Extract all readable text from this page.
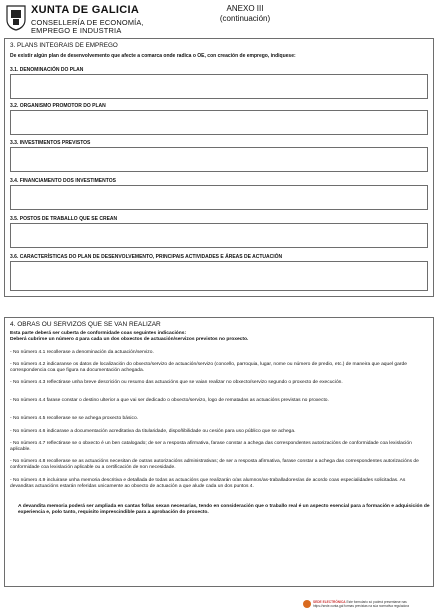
XUNTA DE GALICIA
CONSELLERÍA DE ECONOMÍA,
EMPREGO E INDUSTRIA
ANEXO III
(continuación)
3. PLANS INTEGRAIS DE EMPREGO
De existir algún plan de desenvolvemento que afecte a comarca onde radica o OE, con creación de emprego, indiquese:
3.1. DENOMINACIÓN DO PLAN
3.2. ORGANISMO PROMOTOR DO PLAN
3.3. INVESTIMENTOS PREVISTOS
3.4. FINANCIAMENTO DOS INVESTIMENTOS
3.5. POSTOS DE TRABALLO QUE SE CREAN
3.6. CARACTERÍSTICAS DO PLAN DE DESENVOLVEMENTO, PRINCIPAIS ACTIVIDADES E ÁREAS DE ACTUACIÓN
4. OBRAS OU SERVIZOS QUE SE VAN REALIZAR

Esta parte deberá ser cuberta de conformidade coas seguintes indicacións:

Deberá cubrirse un número 4 para cada un dos obxectos de actuación/servizos previstos no proxecto.

- No número 4.1 recollerase a denominación da actuación/servizo.
- No número 4.2 indicaranse os datos de localización do obxecto/servizo de actuación/servizo (concello, parroquia, lugar, nome ou número de predio, etc.) de maneira que aquel garde correspondencia coa que figura na documentación achegada.
- No número 4.3 reflectirase unha breve descrición ou resumo das actuacións que se vaian realizar no obxecto/servizo segundo o proxecto de execución.
- No número 4.4 farase constar o destino ulterior a que vai ser dedicado o obxecto/servizo, logo de rematadas as actuacións previstas no proxecto.
- No número 4.5 recollerase se se achega proxecto básico.
- No número 4.6 indicarase a documentación acreditativa da titularidade, dispoñibilidade ou cesión para uso público que se achega.
- No número 4.7 reflectirase se o obxecto é un ben catalogado; de ser a resposta afirmativa, farase constar a achega das correspondentes autorizacións de conformidade coa lexislación aplicable.
- No número 4.8 recollerase se as actuacións necesitan de outras autorizacións administrativas; de ser a resposta afirmativa, farase constar a achega das correspondentes autorizacións de conformidade coa lexislación aplicable ou a certificación de non necesidade.
- No número 4.9 incluirase unha memoria descritiva e detallada de todas as actuacións que realizarán o/as alumnos/as-traballadores/as de acordo coas especialidades solicitadas. As devanditas actuacións estarán referidas unicamente ao obxecto de actuación a que alude cada un dos puntos 4.
A devandita memoria poderá ser ampliada en cantas follas sexan necesarias, tendo en consideración que o traballo real é un aspecto esencial para a formación e adquisición de experiencia e, polo tanto, requisito imprescindible para a aprobación do proxecto.
SEDE ELECTRÓNICA Este formulario só poderá presentarse nas
https://sede.xunta.gal formas previstas na súa normativa reguladora
